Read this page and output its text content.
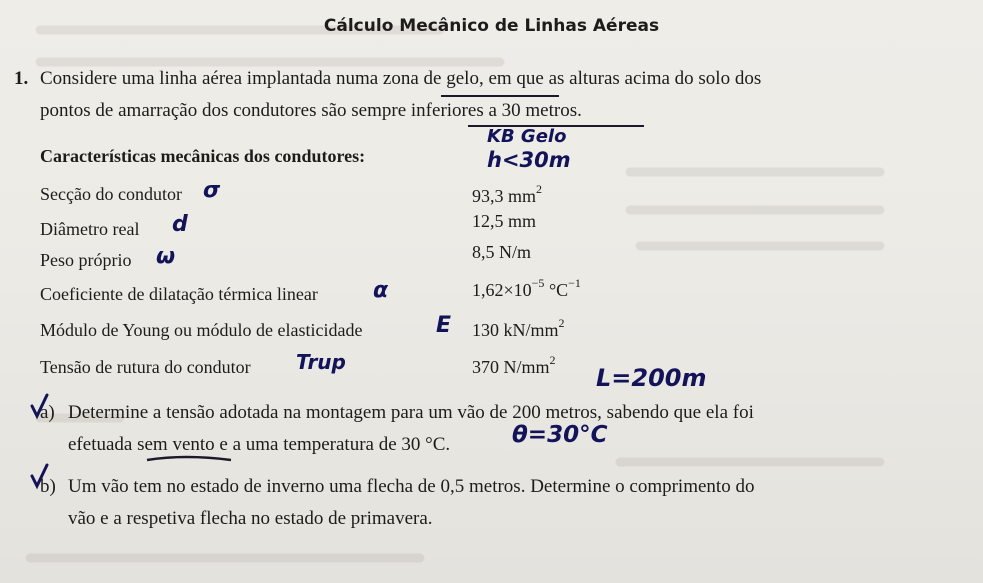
Cálculo Mecânico de Linhas Aéreas
1. Considere uma linha aérea implantada numa zona de gelo, em que as alturas acima do solo dos
pontos de amarração dos condutores são sempre inferiores a 30 metros.
Características mecânicas dos condutores:
Secção do condutor σ	93,3 $mm^2$
Diâmetro real d	12,5 mm
Peso próprio ω	8,5 N/m
Coeficiente de dilatação térmica linear	α	$1,62\times 10^{-5}$ $^\circ C^{-1}$
Módulo de Young ou módulo de elasticidade	E 130 $kN/mm^2$
Tensão de rutura do condutor Trup	370 $N/mm^2$
KB Gelo
h<30m
L=200m
θ=30°C
a) Determine a tensão adotada na montagem para um vão de 200 metros, sabendo que ela foi
efetuada sem vento e a uma temperatura de 30 °C.
b) Um vão tem no estado de inverno uma flecha de 0,5 metros. Determine o comprimento do
vão e a respetiva flecha no estado de primavera.
